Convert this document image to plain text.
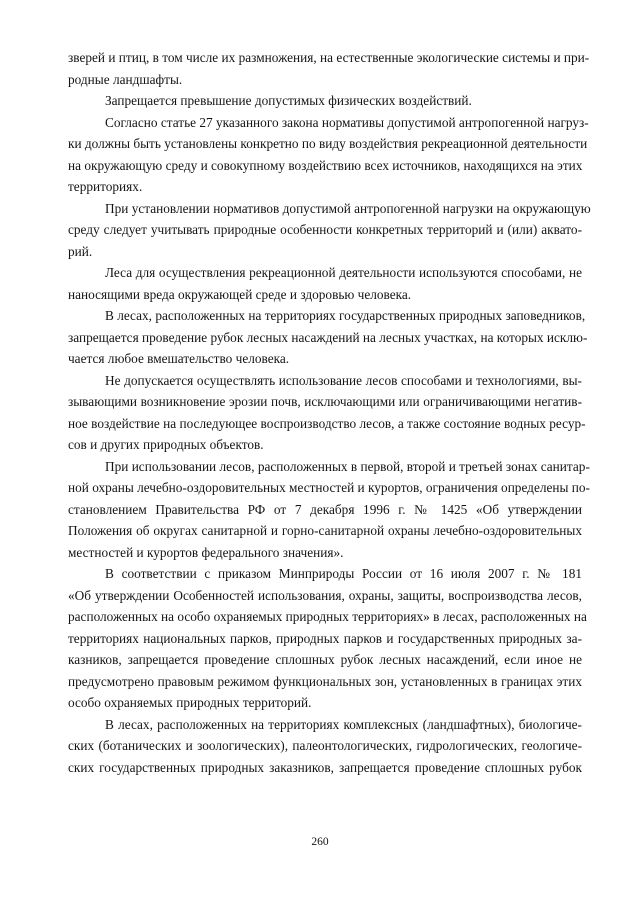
зверей и птиц, в том числе их размножения, на естественные экологические системы и при-
родные ландшафты.
Запрещается превышение допустимых физических воздействий.
Согласно статье 27 указанного закона нормативы допустимой антропогенной нагруз-
ки должны быть установлены конкретно по виду воздействия рекреационной деятельности
на окружающую среду и совокупному воздействию всех источников, находящихся на этих
территориях.
При установлении нормативов допустимой антропогенной нагрузки на окружающую
среду следует учитывать природные особенности конкретных территорий и (или) аквато-
рий.
Леса для осуществления рекреационной деятельности используются способами, не
наносящими вреда окружающей среде и здоровью человека.
В лесах, расположенных на территориях государственных природных заповедников,
запрещается проведение рубок лесных насаждений на лесных участках, на которых исклю-
чается любое вмешательство человека.
Не допускается осуществлять использование лесов способами и технологиями, вы-
зывающими возникновение эрозии почв, исключающими или ограничивающими негатив-
ное воздействие на последующее воспроизводство лесов, а также состояние водных ресур-
сов и других природных объектов.
При использовании лесов, расположенных в первой, второй и третьей зонах санитар-
ной охраны лечебно-оздоровительных местностей и курортов, ограничения определены по-
становлением Правительства РФ от 7 декабря 1996 г. № 1425 «Об утверждении
Положения об округах санитарной и горно-санитарной охраны лечебно-оздоровительных
местностей и курортов федерального значения».
В соответствии с приказом Минприроды России от 16 июля 2007 г. № 181
«Об утверждении Особенностей использования, охраны, защиты, воспроизводства лесов,
расположенных на особо охраняемых природных территориях» в лесах, расположенных на
территориях национальных парков, природных парков и государственных природных за-
казников, запрещается проведение сплошных рубок лесных насаждений, если иное не
предусмотрено правовым режимом функциональных зон, установленных в границах этих
особо охраняемых природных территорий.
В лесах, расположенных на территориях комплексных (ландшафтных), биологиче-
ских (ботанических и зоологических), палеонтологических, гидрологических, геологиче-
ских государственных природных заказников, запрещается проведение сплошных рубок
260
